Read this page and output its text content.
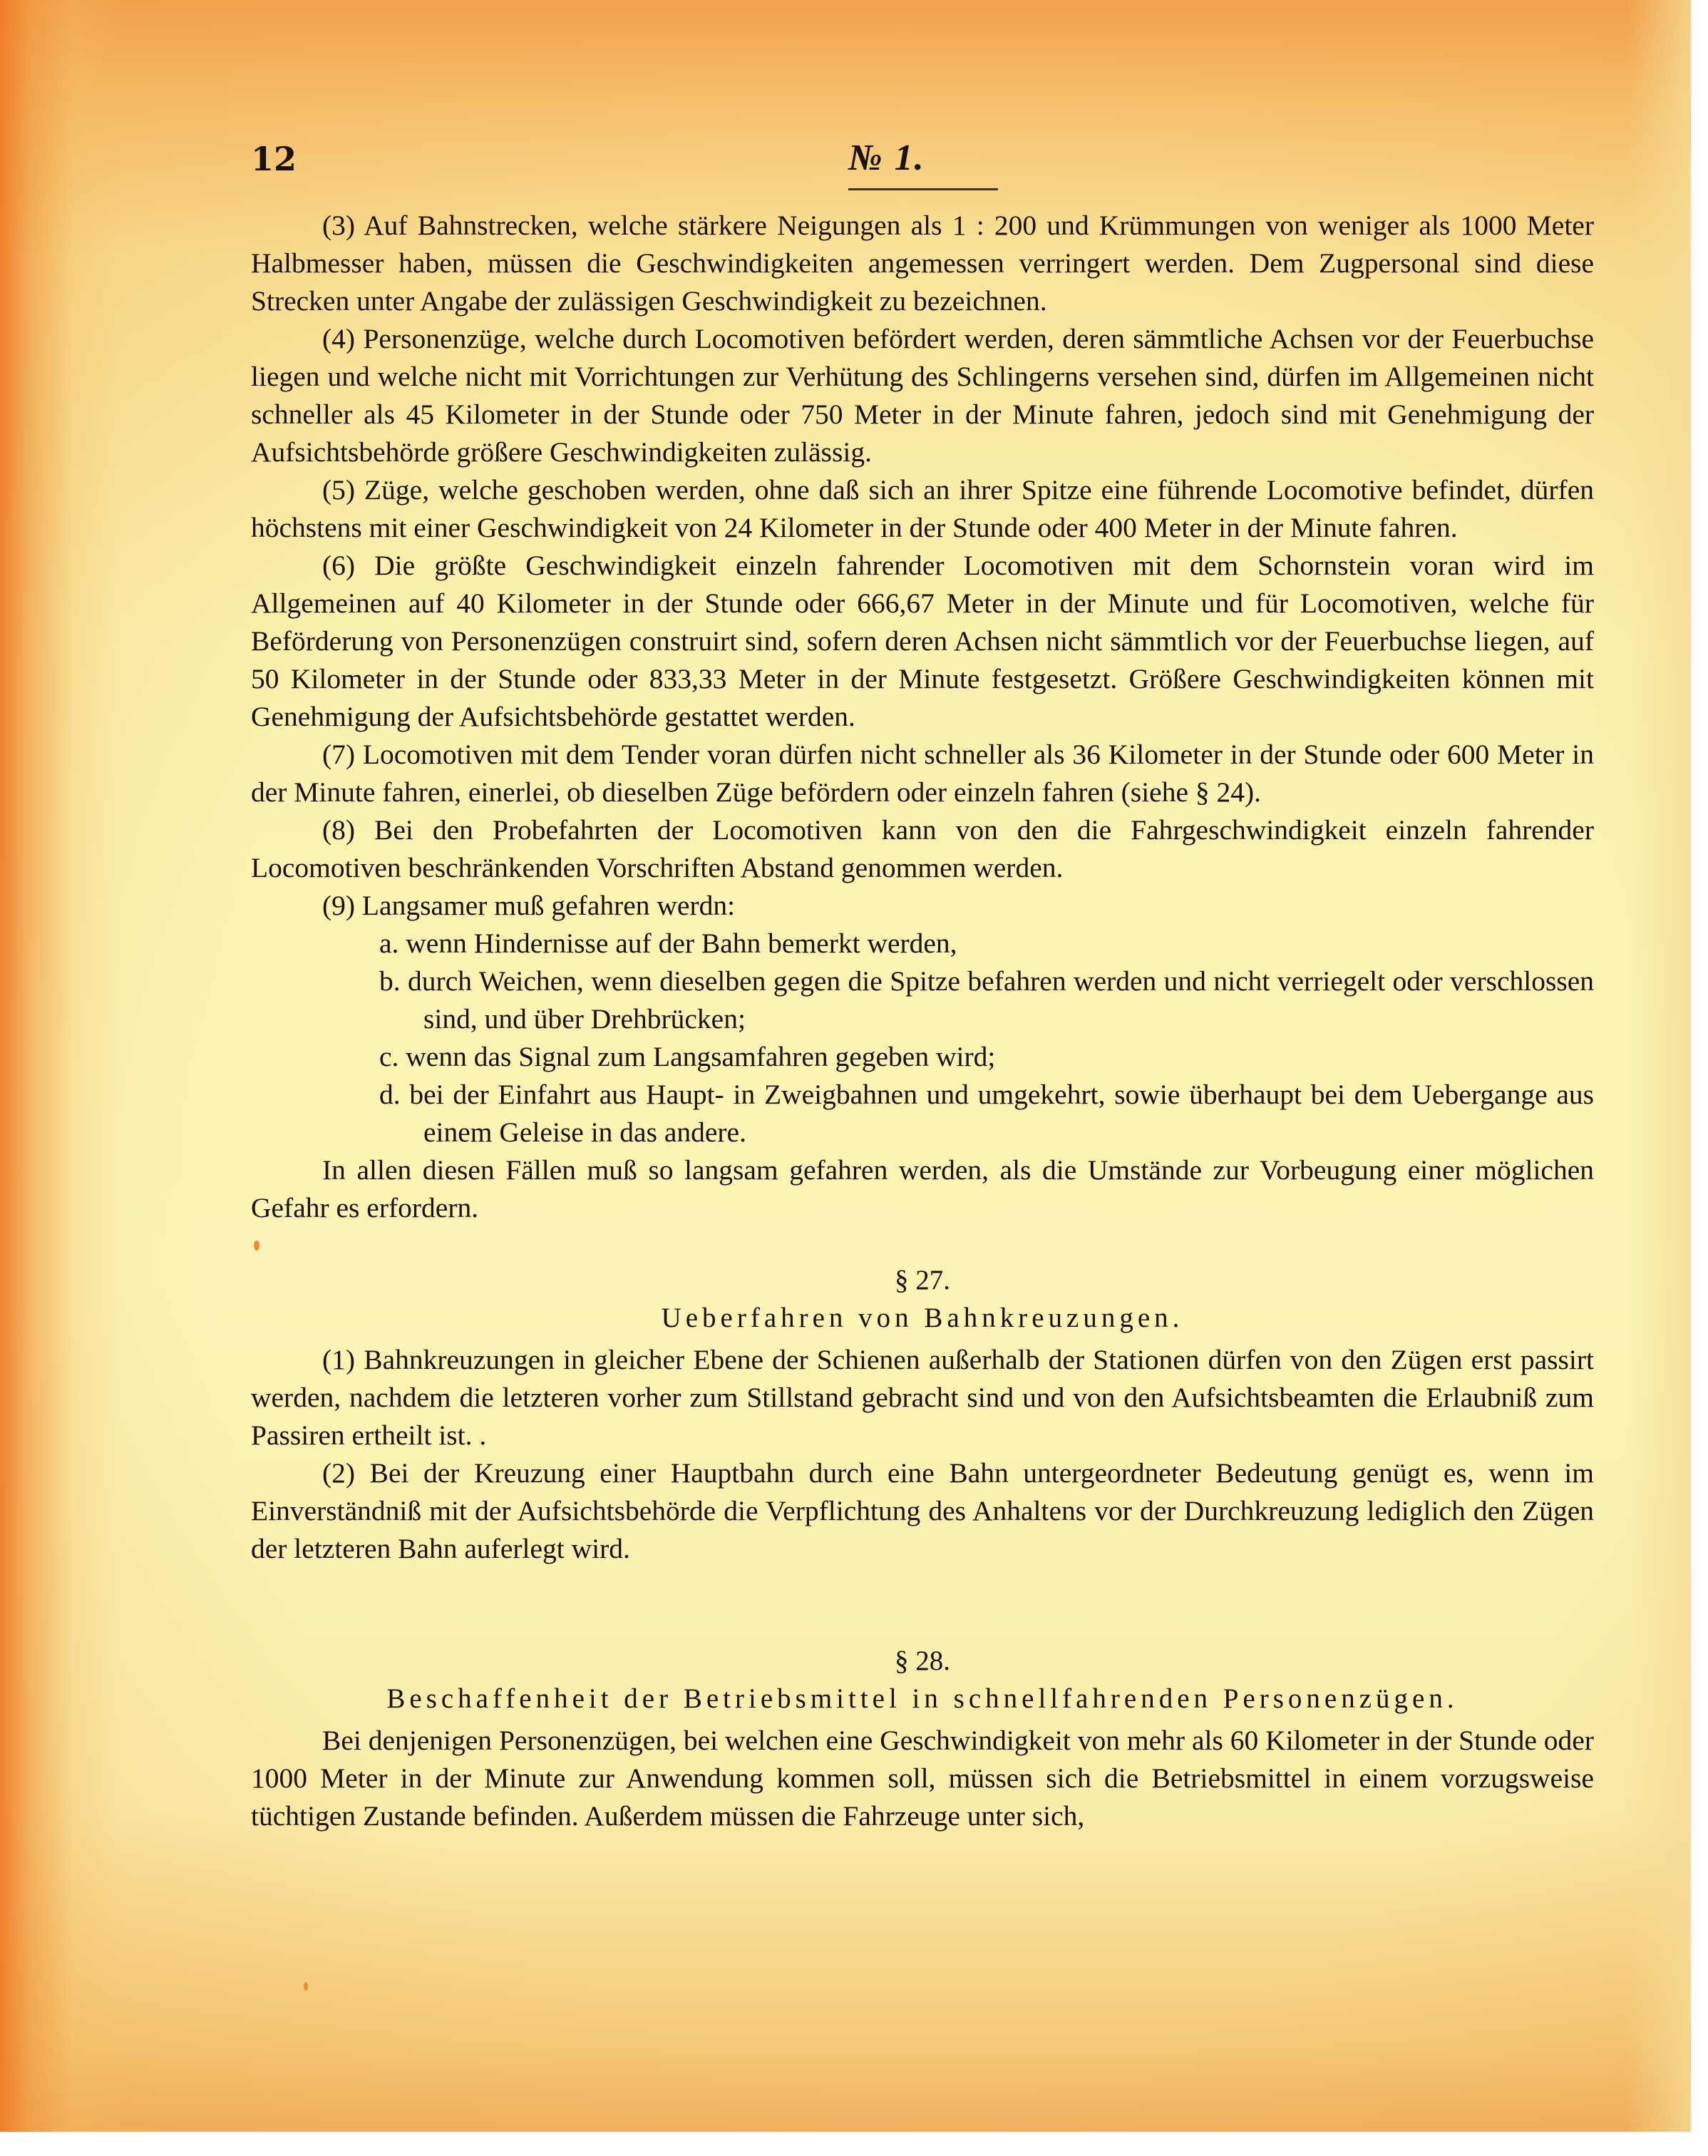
12	№ 1.

(3) Auf Bahnstrecken, welche stärkere Neigungen als 1 : 200 und Krümmungen von weniger als 1000 Meter Halbmesser haben, müssen die Geschwindigkeiten angemessen verringert werden. Dem Zugpersonal sind diese Strecken unter Angabe der zulässigen Geschwindigkeit zu bezeichnen.

(4) Personenzüge, welche durch Locomotiven befördert werden, deren sämmtliche Achsen vor der Feuerbuchse liegen und welche nicht mit Vorrichtungen zur Verhütung des Schlingerns versehen sind, dürfen im Allgemeinen nicht schneller als 45 Kilometer in der Stunde oder 750 Meter in der Minute fahren, jedoch sind mit Genehmigung der Aufsichtsbehörde größere Geschwindigkeiten zulässig.

(5) Züge, welche geschoben werden, ohne daß sich an ihrer Spitze eine führende Locomotive befindet, dürfen höchstens mit einer Geschwindigkeit von 24 Kilometer in der Stunde oder 400 Meter in der Minute fahren.

(6) Die größte Geschwindigkeit einzeln fahrender Locomotiven mit dem Schornstein voran wird im Allgemeinen auf 40 Kilometer in der Stunde oder 666,67 Meter in der Minute und für Locomotiven, welche für Beförderung von Personenzügen construirt sind, sofern deren Achsen nicht sämmtlich vor der Feuerbuchse liegen, auf 50 Kilometer in der Stunde oder 833,33 Meter in der Minute festgesetzt. Größere Geschwindigkeiten können mit Genehmigung der Aufsichtsbehörde gestattet werden.

(7) Locomotiven mit dem Tender voran dürfen nicht schneller als 36 Kilometer in der Stunde oder 600 Meter in der Minute fahren, einerlei, ob dieselben Züge befördern oder einzeln fahren (siehe § 24).

(8) Bei den Probefahrten der Locomotiven kann von den die Fahrgeschwindigkeit einzeln fahrender Locomotiven beschränkenden Vorschriften Abstand genommen werden.

(9) Langsamer muß gefahren werdn:

a. wenn Hindernisse auf der Bahn bemerkt werden,
b. durch Weichen, wenn dieselben gegen die Spitze befahren werden und nicht verriegelt oder verschlossen sind, und über Drehbrücken;
c. wenn das Signal zum Langsamfahren gegeben wird;
d. bei der Einfahrt aus Haupt- in Zweigbahnen und umgekehrt, sowie überhaupt bei dem Uebergange aus einem Geleise in das andere.

In allen diesen Fällen muß so langsam gefahren werden, als die Umstände zur Vorbeugung einer möglichen Gefahr es erfordern.

§ 27.
Ueberfahren von Bahnkreuzungen.

(1) Bahnkreuzungen in gleicher Ebene der Schienen außerhalb der Stationen dürfen von den Zügen erst passirt werden, nachdem die letzteren vorher zum Stillstand gebracht sind und von den Aufsichtsbeamten die Erlaubniß zum Passiren ertheilt ist. .

(2) Bei der Kreuzung einer Hauptbahn durch eine Bahn untergeordneter Bedeutung genügt es, wenn im Einverständniß mit der Aufsichtsbehörde die Verpflichtung des Anhaltens vor der Durchkreuzung lediglich den Zügen der letzteren Bahn auferlegt wird.

§ 28.
Beschaffenheit der Betriebsmittel in schnellfahrenden Personenzügen.

Bei denjenigen Personenzügen, bei welchen eine Geschwindigkeit von mehr als 60 Kilometer in der Stunde oder 1000 Meter in der Minute zur Anwendung kommen soll, müssen sich die Betriebsmittel in einem vorzugsweise tüchtigen Zustande befinden. Außerdem müssen die Fahrzeuge unter sich,
